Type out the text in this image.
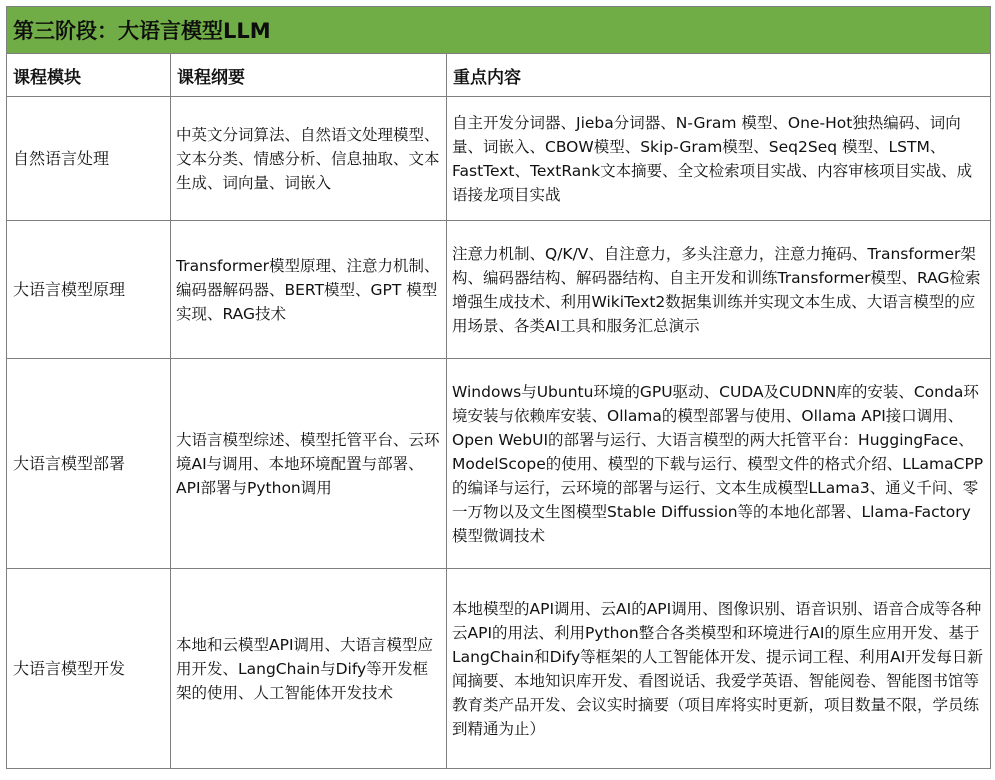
第三阶段：大语言模型LLM		
课程模块	课程纲要	重点内容
自然语言处理	中英文分词算法、自然语文处理模型、文本分类、情感分析、信息抽取、文本生成、词向量、词嵌入	自主开发分词器、Jieba分词器、N-Gram 模型、One-Hot独热编码、词向量、词嵌入、CBOW模型、Skip-Gram模型、Seq2Seq 模型、LSTM、FastText、TextRank文本摘要、全文检索项目实战、内容审核项目实战、成语接龙项目实战
大语言模型原理	Transformer模型原理、注意力机制、编码器解码器、BERT模型、GPT 模型实现、RAG技术	注意力机制、Q/K/V、自注意力，多头注意力，注意力掩码、Transformer架构、编码器结构、解码器结构、自主开发和训练Transformer模型、RAG检索增强生成技术、利用WikiText2数据集训练并实现文本生成、大语言模型的应用场景、各类AI工具和服务汇总演示
大语言模型部署	大语言模型综述、模型托管平台、云环境AI与调用、本地环境配置与部署、API部署与Python调用	Windows与Ubuntu环境的GPU驱动、CUDA及CUDNN库的安装、Conda环境安装与依赖库安装、Ollama的模型部署与使用、Ollama API接口调用、Open WebUI的部署与运行、大语言模型的两大托管平台：HuggingFace、ModelScope的使用、模型的下载与运行、模型文件的格式介绍、LLamaCPP的编译与运行，云环境的部署与运行、文本生成模型LLama3、通义千问、零一万物以及文生图模型Stable Diffussion等的本地化部署、Llama-Factory模型微调技术
大语言模型开发	本地和云模型API调用、大语言模型应用开发、LangChain与Dify等开发框架的使用、人工智能体开发技术	本地模型的API调用、云AI的API调用、图像识别、语音识别、语音合成等各种云API的用法、利用Python整合各类模型和环境进行AI的原生应用开发、基于LangChain和Dify等框架的人工智能体开发、提示词工程、利用AI开发每日新闻摘要、本地知识库开发、看图说话、我爱学英语、智能阅卷、智能图书馆等教育类产品开发、会议实时摘要（项目库将实时更新，项目数量不限，学员练到精通为止）
